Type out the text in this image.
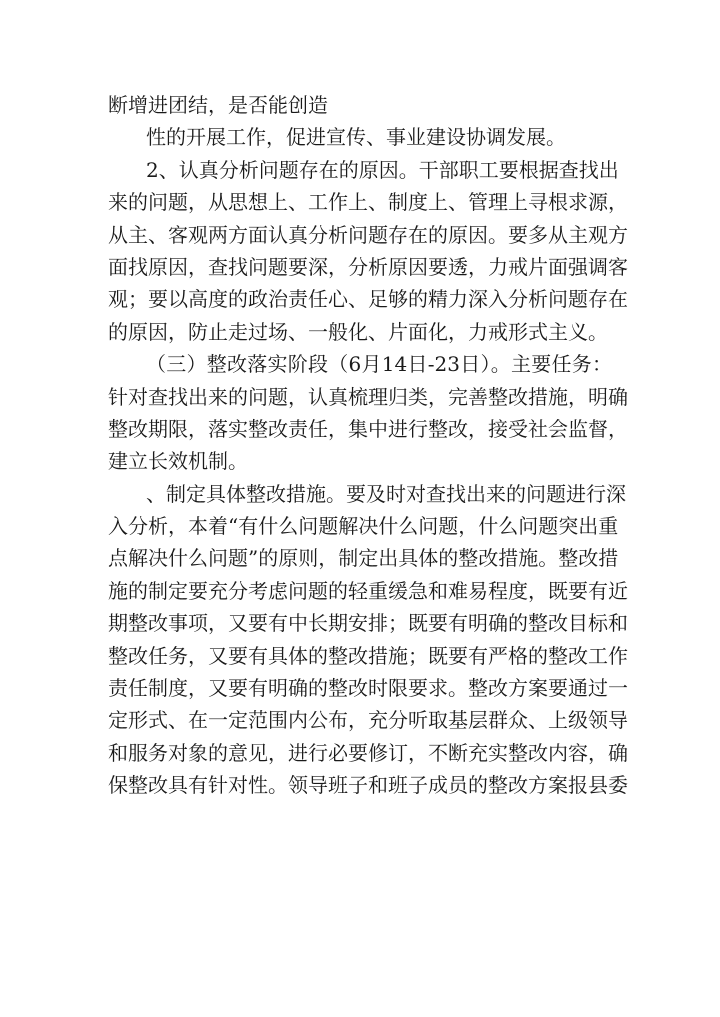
断增进团结，是否能创造
性的开展工作，促进宣传、事业建设协调发展。
2、认真分析问题存在的原因。干部职工要根据查找出
来的问题，从思想上、工作上、制度上、管理上寻根求源，
从主、客观两方面认真分析问题存在的原因。要多从主观方
面找原因，查找问题要深，分析原因要透，力戒片面强调客
观；要以高度的政治责任心、足够的精力深入分析问题存在
的原因，防止走过场、一般化、片面化，力戒形式主义。
（三）整改落实阶段（6月14日-23日）。主要任务：
针对查找出来的问题，认真梳理归类，完善整改措施，明确
整改期限，落实整改责任，集中进行整改，接受社会监督，
建立长效机制。
、制定具体整改措施。要及时对查找出来的问题进行深
入分析，本着“有什么问题解决什么问题，什么问题突出重
点解决什么问题”的原则，制定出具体的整改措施。整改措
施的制定要充分考虑问题的轻重缓急和难易程度，既要有近
期整改事项，又要有中长期安排；既要有明确的整改目标和
整改任务，又要有具体的整改措施；既要有严格的整改工作
责任制度，又要有明确的整改时限要求。整改方案要通过一
定形式、在一定范围内公布，充分听取基层群众、上级领导
和服务对象的意见，进行必要修订，不断充实整改内容，确
保整改具有针对性。领导班子和班子成员的整改方案报县委
